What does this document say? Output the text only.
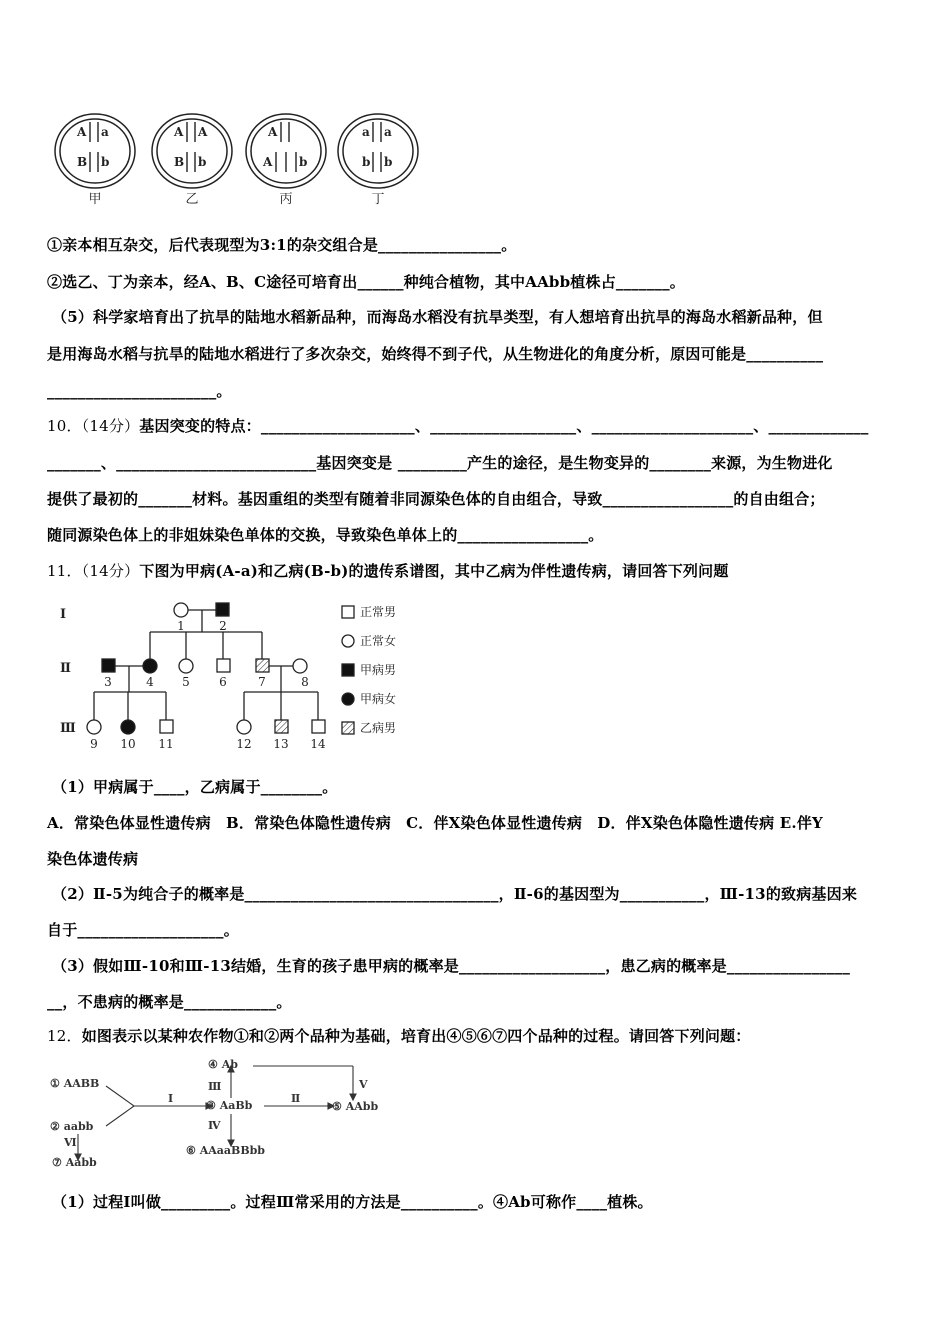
A a
B b
A A
B b
A
A b
a a
b b
甲	乙	丙	丁
①亲本相互杂交，后代表现型为3:1的杂交组合是________________。
②选乙、丁为亲本，经A、B、C途径可培育出______种纯合植物，其中AAbb植株占_______。
（5）科学家培育出了抗旱的陆地水稻新品种，而海岛水稻没有抗旱类型，有人想培育出抗旱的海岛水稻新品种，但
是用海岛水稻与抗旱的陆地水稻进行了多次杂交，始终得不到子代，从生物进化的角度分析，原因可能是__________
______________________。
10．（14分）基因突变的特点：____________________、___________________、_____________________、_____________
_______、__________________________基因突变是 _________产生的途径，是生物变异的________来源，为生物进化
提供了最初的_______材料。基因重组的类型有随着非同源染色体的自由组合，导致_________________的自由组合；
随同源染色体上的非姐妹染色单体的交换，导致染色单体上的_________________。
11．（14分）下图为甲病(A-a)和乙病(B-b)的遗传系谱图，其中乙病为伴性遗传病，请回答下列问题
Ⅰ
Ⅱ
Ⅲ
1	2
3	4 5 6	7	8
9 10 11	12 13 14
正常男
正常女
甲病男
甲病女
乙病男
（1）甲病属于____，乙病属于________。
A．常染色体显性遗传病　B．常染色体隐性遗传病　C．伴X染色体显性遗传病　D．伴X染色体隐性遗传病 E.伴Y
染色体遗传病
（2）Ⅱ-5为纯合子的概率是_________________________________，Ⅱ-6的基因型为___________，Ⅲ-13的致病基因来
自于___________________。
（3）假如Ⅲ-10和Ⅲ-13结婚，生育的孩子患甲病的概率是___________________，患乙病的概率是________________
__，不患病的概率是____________。
12．如图表示以某种农作物①和②两个品种为基础，培育出④⑤⑥⑦四个品种的过程。请回答下列问题：
① AABB
② aabb
③ AaBb
④ Ab
⑤ AAbb
⑥ AAaaBBbb
⑦ Aabb
Ⅰ	Ⅱ
Ⅲ
Ⅳ
Ⅴ
Ⅵ
（1）过程Ⅰ叫做_________。过程Ⅲ常采用的方法是__________。④Ab可称作____植株。
